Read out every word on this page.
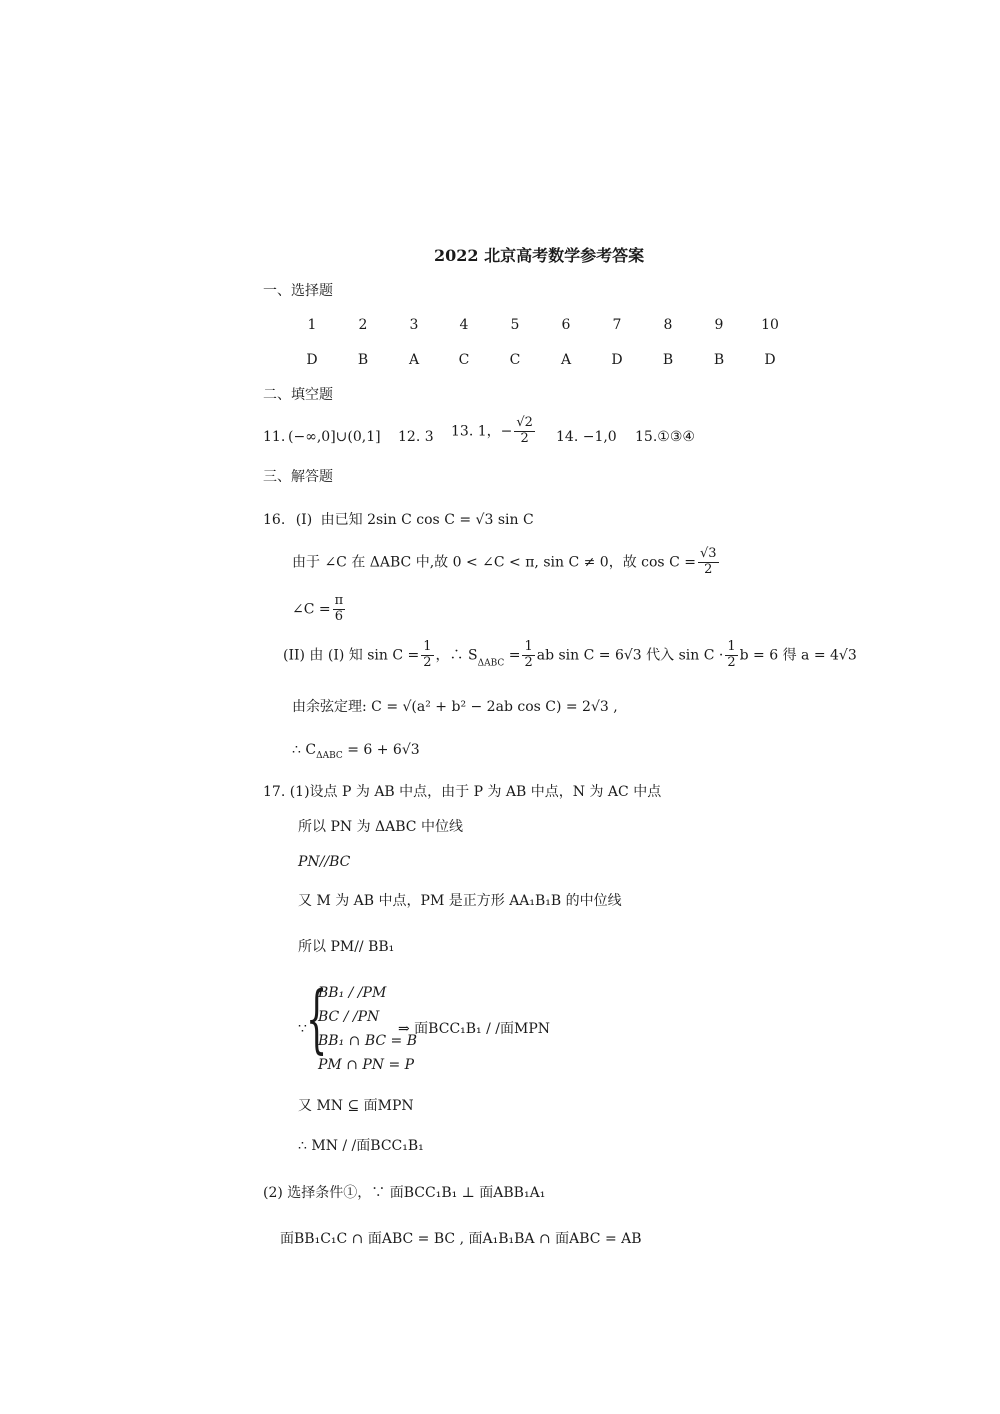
2022 北京高考数学参考答案
一、选择题
1	2	3	4	5	6	7	8	9	10
D	B	A	C	C	A	D	B	B	D
二、填空题
11. (−∞,0]∪(0,1] 12. 3 13. 1，− $\frac{√2}{2} 14$. −1,0 15.①③④
三、解答题
16. (I) 由已知 2sin C cos C = √3 sin C
由于 ∠C 在 ΔABC 中,故 0 < ∠C < π, sin C ≠ 0，故 $\cos C = \frac{√3}{2}$
∠C = $\frac{\pi}{6}$
(II) 由 (I) 知 $\sin C = \frac{1}{2}$ ，∴ $S_{\Delta ABC} = \frac{1}{2}$ ab sin C = 6√3 代入 $\sin C \cdot \frac{1}{2}$ b = 6 得 a = 4√3
由余弦定理: C = √(a² + b² − 2ab cos C) = 2√3 ,
∴ $C_{\Delta ABC} = 6 + 6√3$
17. (1)设点 P 为 AB 中点，由于 P 为 AB 中点，N 为 AC 中点
所以 PN 为 ΔABC 中位线
PN//BC
又 M 为 AB 中点，PM 是正方形 AA₁B₁B 的中位线
所以 PM// BB₁
∵ {
BB₁ / /PM
BC / /PN
BB₁ ∩ BC = B
PM ∩ PN = P
⇒ 面BCC₁B₁ / /面MPN
又 MN ⊆ 面MPN
∴ MN / /面BCC₁B₁
(2) 选择条件①，∵ 面BCC₁B₁ ⊥ 面ABB₁A₁
面BB₁C₁C ∩ 面ABC = BC , 面A₁B₁BA ∩ 面ABC = AB
